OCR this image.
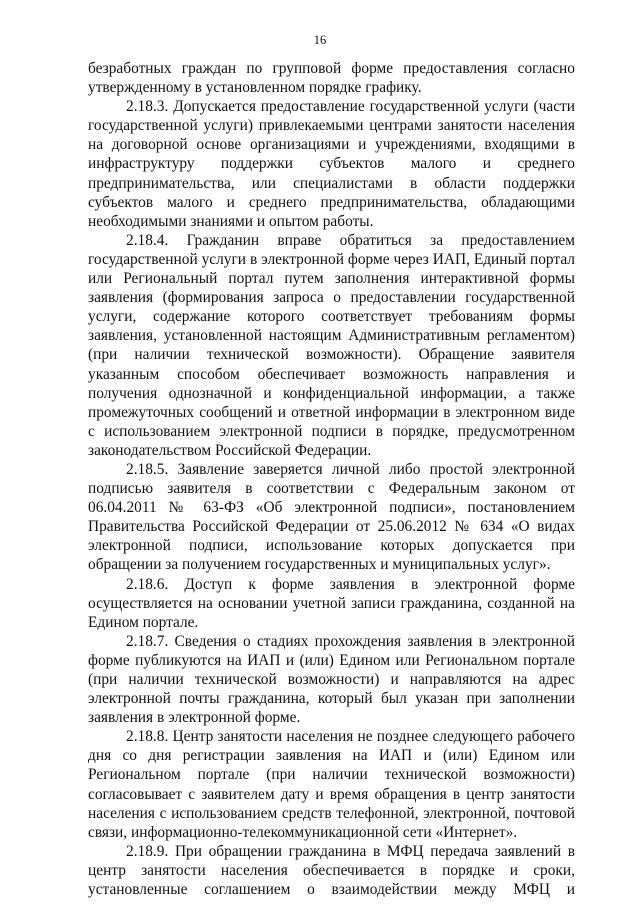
16

безработных граждан по групповой форме предоставления согласно утвержденному в установленном порядке графику.

2.18.3. Допускается предоставление государственной услуги (части государственной услуги) привлекаемыми центрами занятости населения на договорной основе организациями и учреждениями, входящими в инфраструктуру поддержки субъектов малого и среднего предпринимательства, или специалистами в области поддержки субъектов малого и среднего предпринимательства, обладающими необходимыми знаниями и опытом работы.

2.18.4. Гражданин вправе обратиться за предоставлением государственной услуги в электронной форме через ИАП, Единый портал или Региональный портал путем заполнения интерактивной формы заявления (формирования запроса о предоставлении государственной услуги, содержание которого соответствует требованиям формы заявления, установленной настоящим Административным регламентом) (при наличии технической возможности). Обращение заявителя указанным способом обеспечивает возможность направления и получения однозначной и конфиденциальной информации, а также промежуточных сообщений и ответной информации в электронном виде с использованием электронной подписи в порядке, предусмотренном законодательством Российской Федерации.

2.18.5. Заявление заверяется личной либо простой электронной подписью заявителя в соответствии с Федеральным законом от 06.04.2011 № 63-ФЗ «Об электронной подписи», постановлением Правительства Российской Федерации от 25.06.2012 № 634 «О видах электронной подписи, использование которых допускается при обращении за получением государственных и муниципальных услуг».

2.18.6. Доступ к форме заявления в электронной форме осуществляется на основании учетной записи гражданина, созданной на Едином портале.

2.18.7. Сведения о стадиях прохождения заявления в электронной форме публикуются на ИАП и (или) Едином или Региональном портале (при наличии технической возможности) и направляются на адрес электронной почты гражданина, который был указан при заполнении заявления в электронной форме.

2.18.8. Центр занятости населения не позднее следующего рабочего дня со дня регистрации заявления на ИАП и (или) Едином или Региональном портале (при наличии технической возможности) согласовывает с заявителем дату и время обращения в центр занятости населения с использованием средств телефонной, электронной, почтовой связи, информационно-телекоммуникационной сети «Интернет».

2.18.9. При обращении гражданина в МФЦ передача заявлений в центр занятости населения обеспечивается в порядке и сроки, установленные соглашением о взаимодействии между МФЦ и
